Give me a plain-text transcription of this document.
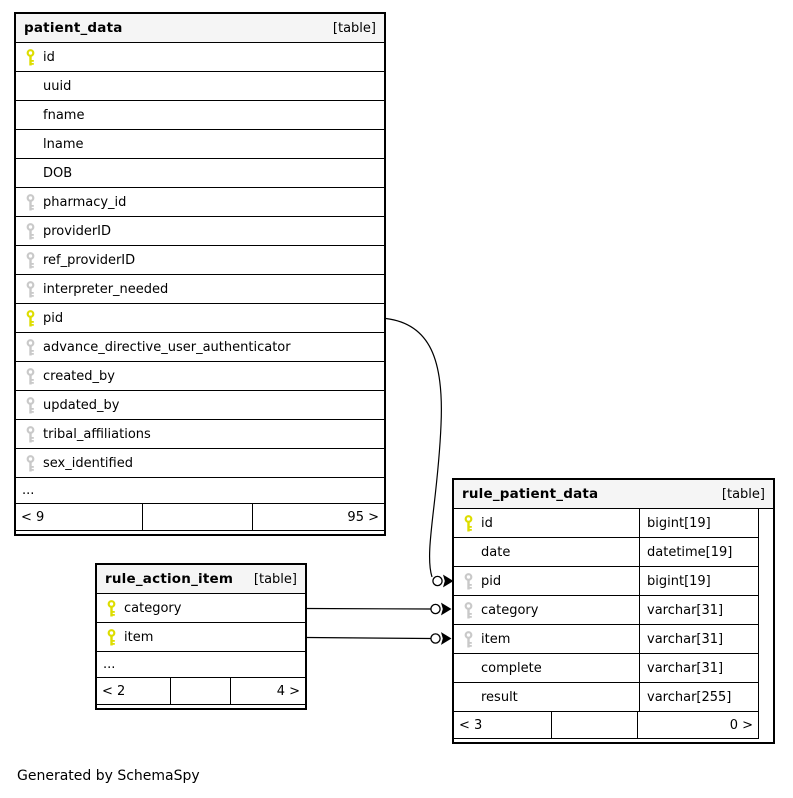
patient_data	[table]
id
uuid
fname
lname
DOB
pharmacy_id
providerID
ref_providerID
interpreter_needed
pid
advance_directive_user_authenticator
created_by
updated_by
tribal_affiliations
sex_identified
...
< 9	95 >
rule_action_item [table]
category
item
...
< 2	4 >
rule_patient_data	[table]
id	bigint[19]
date	datetime[19]
pid	bigint[19]
category	varchar[31]
item	varchar[31]
complete	varchar[31]
result	varchar[255]
< 3	0 >
Generated by SchemaSpy
